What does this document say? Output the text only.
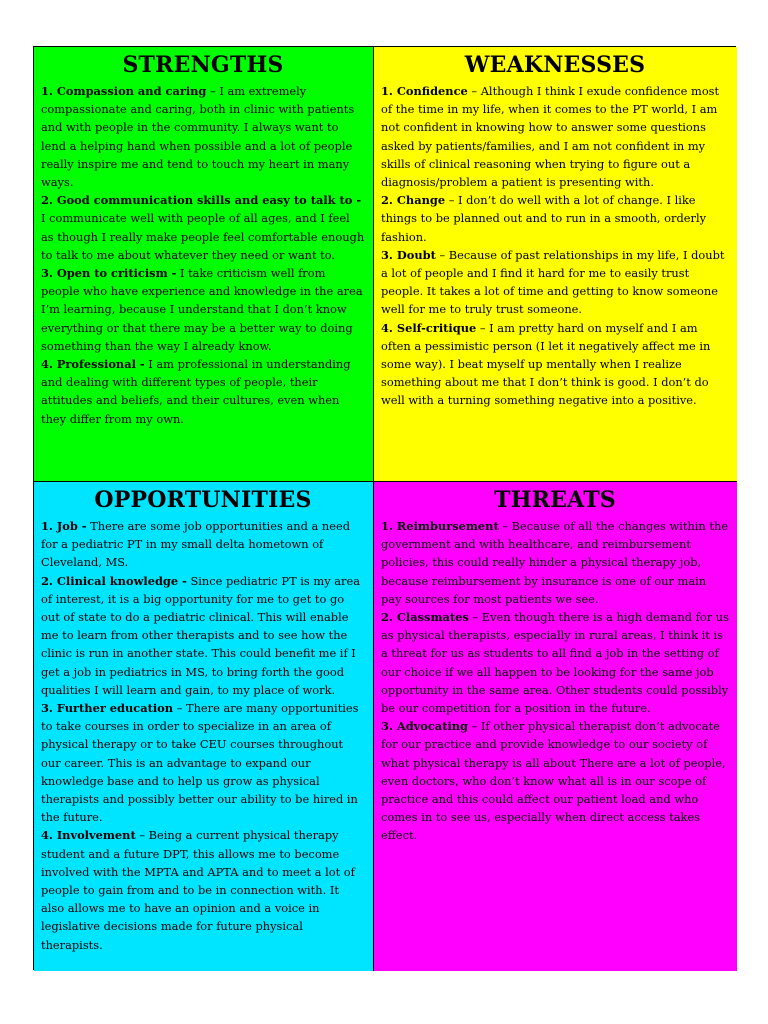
STRENGTHS

1. Compassion and caring – I am extremely compassionate and caring, both in clinic with patients and with people in the community. I always want to lend a helping hand when possible and a lot of people really inspire me and tend to touch my heart in many ways.

2. Good communication skills and easy to talk to - I communicate well with people of all ages, and I feel as though I really make people feel comfortable enough to talk to me about whatever they need or want to.

3. Open to criticism - I take criticism well from people who have experience and knowledge in the area I’m learning, because I understand that I don’t know everything or that there may be a better way to doing something than the way I already know.

4. Professional - I am professional in understanding and dealing with different types of people, their attitudes and beliefs, and their cultures, even when they differ from my own.

WEAKNESSES

1. Confidence – Although I think I exude confidence most of the time in my life, when it comes to the PT world, I am not confident in knowing how to answer some questions asked by patients/families, and I am not confident in my skills of clinical reasoning when trying to figure out a diagnosis/problem a patient is presenting with.

2. Change – I don’t do well with a lot of change. I like things to be planned out and to run in a smooth, orderly fashion.

3. Doubt – Because of past relationships in my life, I doubt a lot of people and I find it hard for me to easily trust people. It takes a lot of time and getting to know someone well for me to truly trust someone.

4. Self-critique – I am pretty hard on myself and I am often a pessimistic person (I let it negatively affect me in some way). I beat myself up mentally when I realize something about me that I don’t think is good. I don’t do well with a turning something negative into a positive.

OPPORTUNITIES

1. Job - There are some job opportunities and a need for a pediatric PT in my small delta hometown of Cleveland, MS.

2. Clinical knowledge - Since pediatric PT is my area of interest, it is a big opportunity for me to get to go out of state to do a pediatric clinical. This will enable me to learn from other therapists and to see how the clinic is run in another state. This could benefit me if I get a job in pediatrics in MS, to bring forth the good qualities I will learn and gain, to my place of work.

3. Further education – There are many opportunities to take courses in order to specialize in an area of physical therapy or to take CEU courses throughout our career. This is an advantage to expand our knowledge base and to help us grow as physical therapists and possibly better our ability to be hired in the future.

4. Involvement – Being a current physical therapy student and a future DPT, this allows me to become involved with the MPTA and APTA and to meet a lot of people to gain from and to be in connection with. It also allows me to have an opinion and a voice in legislative decisions made for future physical therapists.

THREATS

1. Reimbursement – Because of all the changes within the government and with healthcare, and reimbursement policies, this could really hinder a physical therapy job, because reimbursement by insurance is one of our main pay sources for most patients we see.

2. Classmates – Even though there is a high demand for us as physical therapists, especially in rural areas, I think it is a threat for us as students to all find a job in the setting of our choice if we all happen to be looking for the same job opportunity in the same area. Other students could possibly be our competition for a position in the future.

3. Advocating – If other physical therapist don’t advocate for our practice and provide knowledge to our society of what physical therapy is all about There are a lot of people, even doctors, who don’t know what all is in our scope of practice and this could affect our patient load and who comes in to see us, especially when direct access takes effect.
